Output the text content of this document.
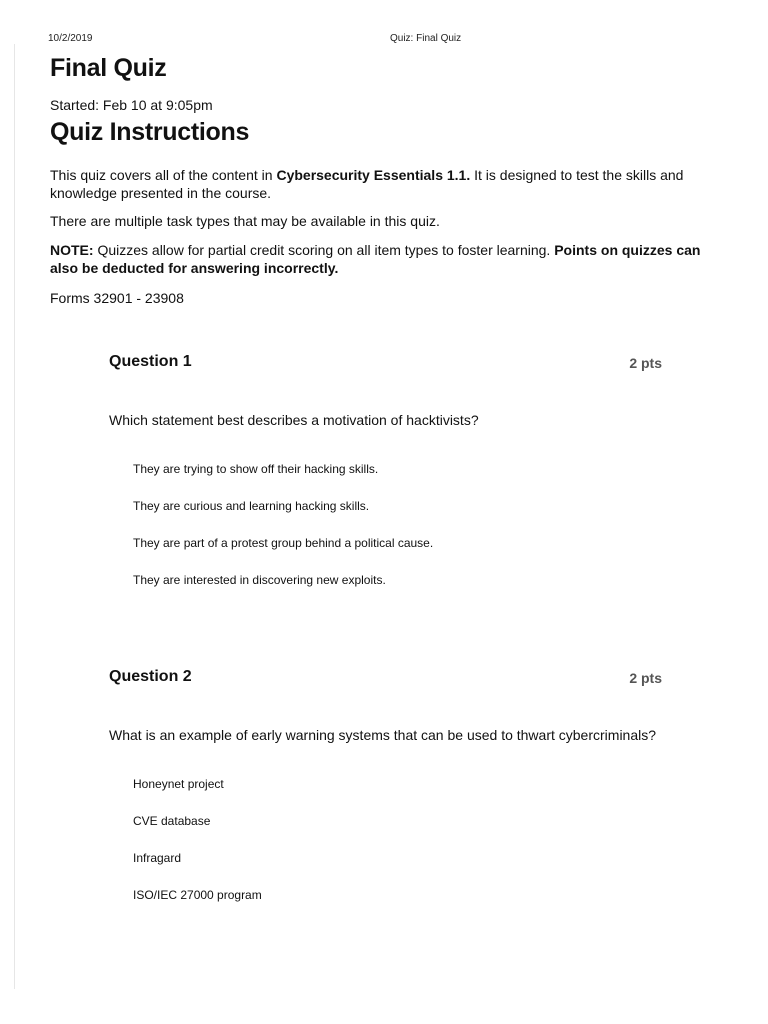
10/2/2019	Quiz: Final Quiz
Final Quiz
Started: Feb 10 at 9:05pm
Quiz Instructions

This quiz covers all of the content in Cybersecurity Essentials 1.1. It is designed to test the skills and knowledge presented in the course.

There are multiple task types that may be available in this quiz.

NOTE: Quizzes allow for partial credit scoring on all item types to foster learning. Points on quizzes can also be deducted for answering incorrectly.

Forms 32901 - 23908

Question 1	2 pts
Which statement best describes a motivation of hacktivists?
They are trying to show off their hacking skills.
They are curious and learning hacking skills.
They are part of a protest group behind a political cause.
They are interested in discovering new exploits.
Question 2	2 pts
What is an example of early warning systems that can be used to thwart cybercriminals?
Honeynet project
CVE database
Infragard
ISO/IEC 27000 program
